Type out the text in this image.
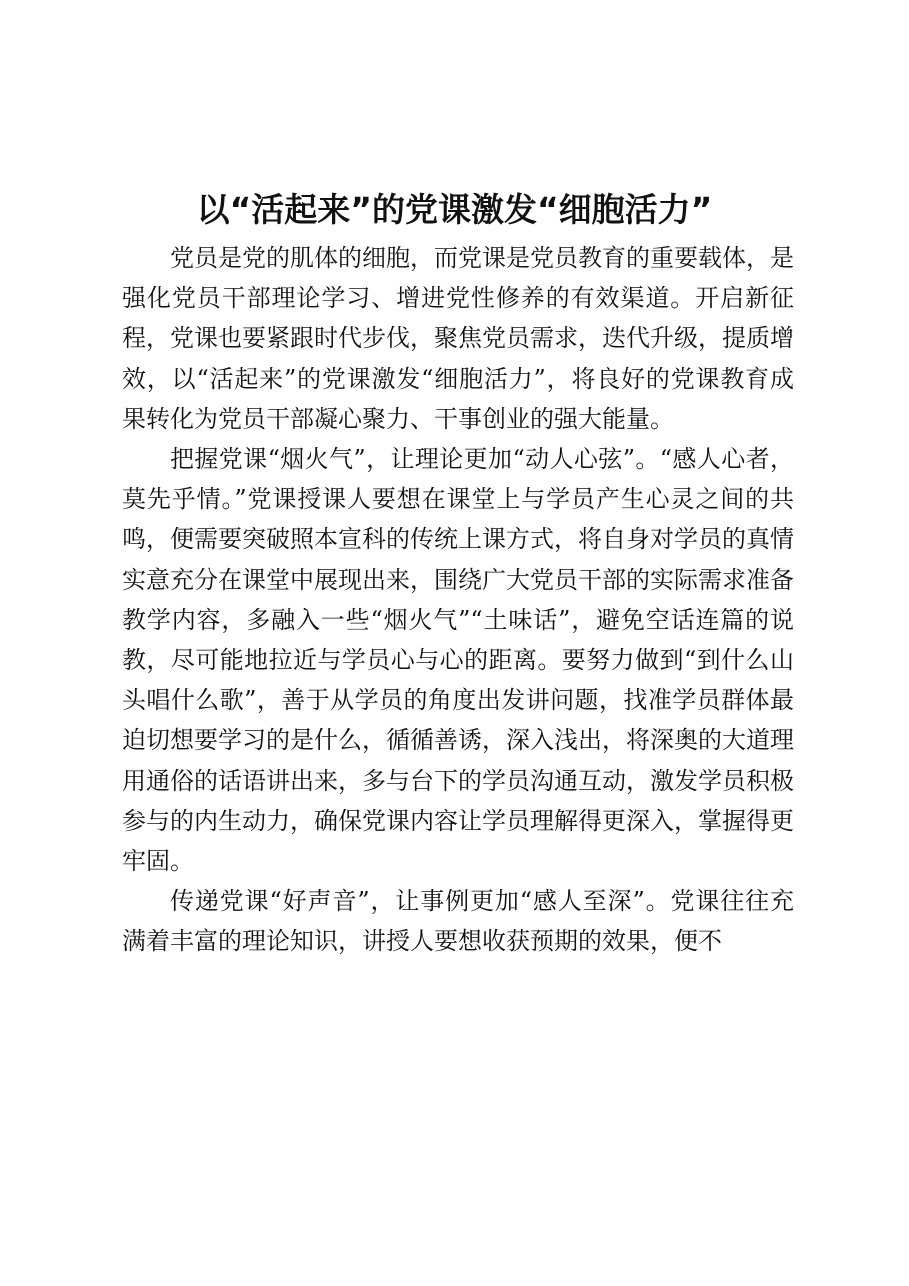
以“活起来”的党课激发“细胞活力”

党员是党的肌体的细胞，而党课是党员教育的重要载体，是强化党员干部理论学习、增进党性修养的有效渠道。开启新征程，党课也要紧跟时代步伐，聚焦党员需求，迭代升级，提质增效，以“活起来”的党课激发“细胞活力”，将良好的党课教育成果转化为党员干部凝心聚力、干事创业的强大能量。

把握党课“烟火气”，让理论更加“动人心弦”。“感人心者，莫先乎情。”党课授课人要想在课堂上与学员产生心灵之间的共鸣，便需要突破照本宣科的传统上课方式，将自身对学员的真情实意充分在课堂中展现出来，围绕广大党员干部的实际需求准备教学内容，多融入一些“烟火气”“土味话”，避免空话连篇的说教，尽可能地拉近与学员心与心的距离。要努力做到“到什么山头唱什么歌”，善于从学员的角度出发讲问题，找准学员群体最迫切想要学习的是什么，循循善诱，深入浅出，将深奥的大道理用通俗的话语讲出来，多与台下的学员沟通互动，激发学员积极参与的内生动力，确保党课内容让学员理解得更深入，掌握得更牢固。

传递党课“好声音”，让事例更加“感人至深”。党课往往充满着丰富的理论知识，讲授人要想收获预期的效果，便不
